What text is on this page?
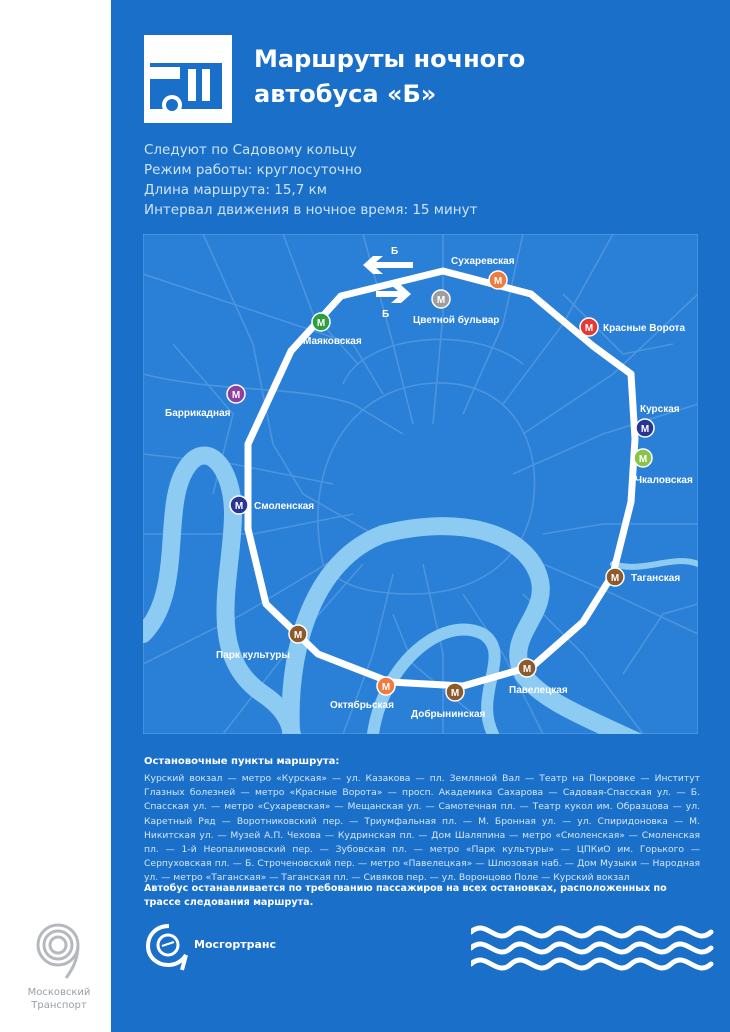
Маршруты ночного
автобуса «Б»
Следуют по Садовому кольцу
Режим работы: круглосуточно
Длина маршрута: 15,7 км
Интервал движения в ночное время: 15 минут
Б
Б
М
Сухаревская
М
Цветной бульвар
М Красные Ворота
М
Маяковская
М
Баррикадная
М
Курская
М
Чкаловская
М Смоленская
М Таганская
М
Парк культуры
М
Павелецкая
М
Октябрьская
М
Добрынинская
Остановочные пункты маршрута:
Курский вокзал — метро «Курская» — ул. Казакова — пл. Земляной Вал — Театр на Покровке — Институт Глазных болезней — метро «Красные Ворота» — просп. Академика Сахарова — Садовая-Спасская ул. — Б. Спасская ул. — метро «Сухаревская» — Мещанская ул. — Самотечная пл. — Театр кукол им. Образцова — ул. Каретный Ряд — Воротниковский пер. — Триумфальная пл. — М. Бронная ул. — ул. Спиридоновка — М. Никитская ул. — Музей А.П. Чехова — Кудринская пл. — Дом Шаляпина — метро «Смоленская» — Смоленская пл. — 1-й Неопалимовский пер. — Зубовская пл. — метро «Парк культуры» — ЦПКиО им. Горького — Серпуховская пл. — Б. Строченовский пер. — метро «Павелецкая» — Шлюзовая наб. — Дом Музыки — Народная ул. — метро «Таганская» — Таганская пл. — Сивяков пер. — ул. Воронцово Поле — Курский вокзал
Автобус останавливается по требованию пассажиров на всех остановках, расположенных по трассе следования маршрута.
Мосгортранс
Московский
Транспорт
